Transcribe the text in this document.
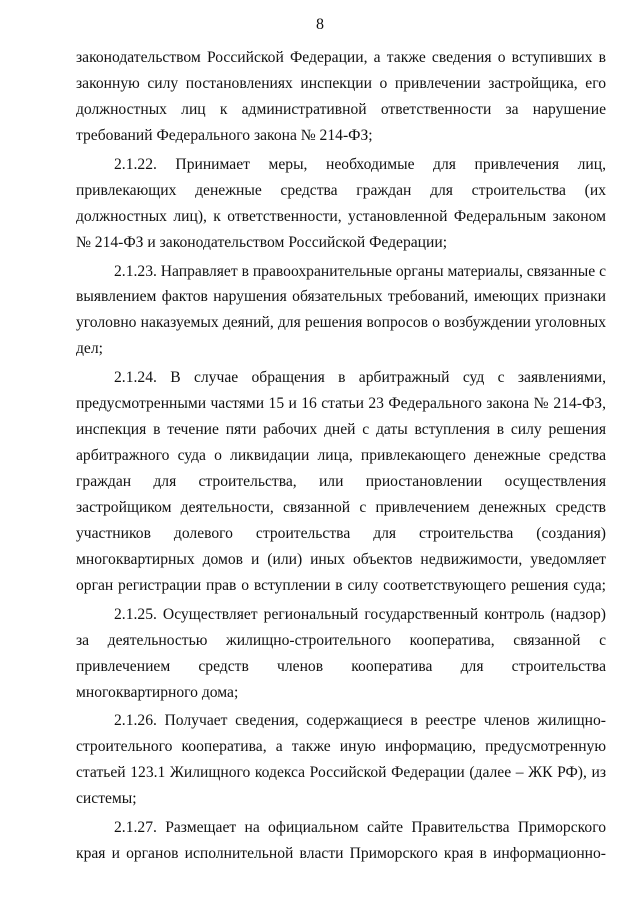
8
законодательством Российской Федерации, а также сведения о вступивших в
законную силу постановлениях инспекции о привлечении застройщика, его
должностных лиц к административной ответственности за нарушение
требований Федерального закона № 214-ФЗ;
2.1.22. Принимает меры, необходимые для привлечения лиц,
привлекающих денежные средства граждан для строительства (их
должностных лиц), к ответственности, установленной Федеральным законом
№ 214-ФЗ и законодательством Российской Федерации;
2.1.23. Направляет в правоохранительные органы материалы, связанные с
выявлением фактов нарушения обязательных требований, имеющих признаки
уголовно наказуемых деяний, для решения вопросов о возбуждении уголовных
дел;
2.1.24. В случае обращения в арбитражный суд с заявлениями,
предусмотренными частями 15 и 16 статьи 23 Федерального закона № 214-ФЗ,
инспекция в течение пяти рабочих дней с даты вступления в силу решения
арбитражного суда о ликвидации лица, привлекающего денежные средства
граждан для строительства, или приостановлении осуществления
застройщиком деятельности, связанной с привлечением денежных средств
участников долевого строительства для строительства (создания)
многоквартирных домов и (или) иных объектов недвижимости, уведомляет
орган регистрации прав о вступлении в силу соответствующего решения суда;
2.1.25. Осуществляет региональный государственный контроль (надзор)
за деятельностью жилищно-строительного кооператива, связанной с
привлечением средств членов кооператива для строительства
многоквартирного дома;
2.1.26. Получает сведения, содержащиеся в реестре членов жилищно-
строительного кооператива, а также иную информацию, предусмотренную
статьей 123.1 Жилищного кодекса Российской Федерации (далее – ЖК РФ), из
системы;
2.1.27. Размещает на официальном сайте Правительства Приморского
края и органов исполнительной власти Приморского края в информационно-
